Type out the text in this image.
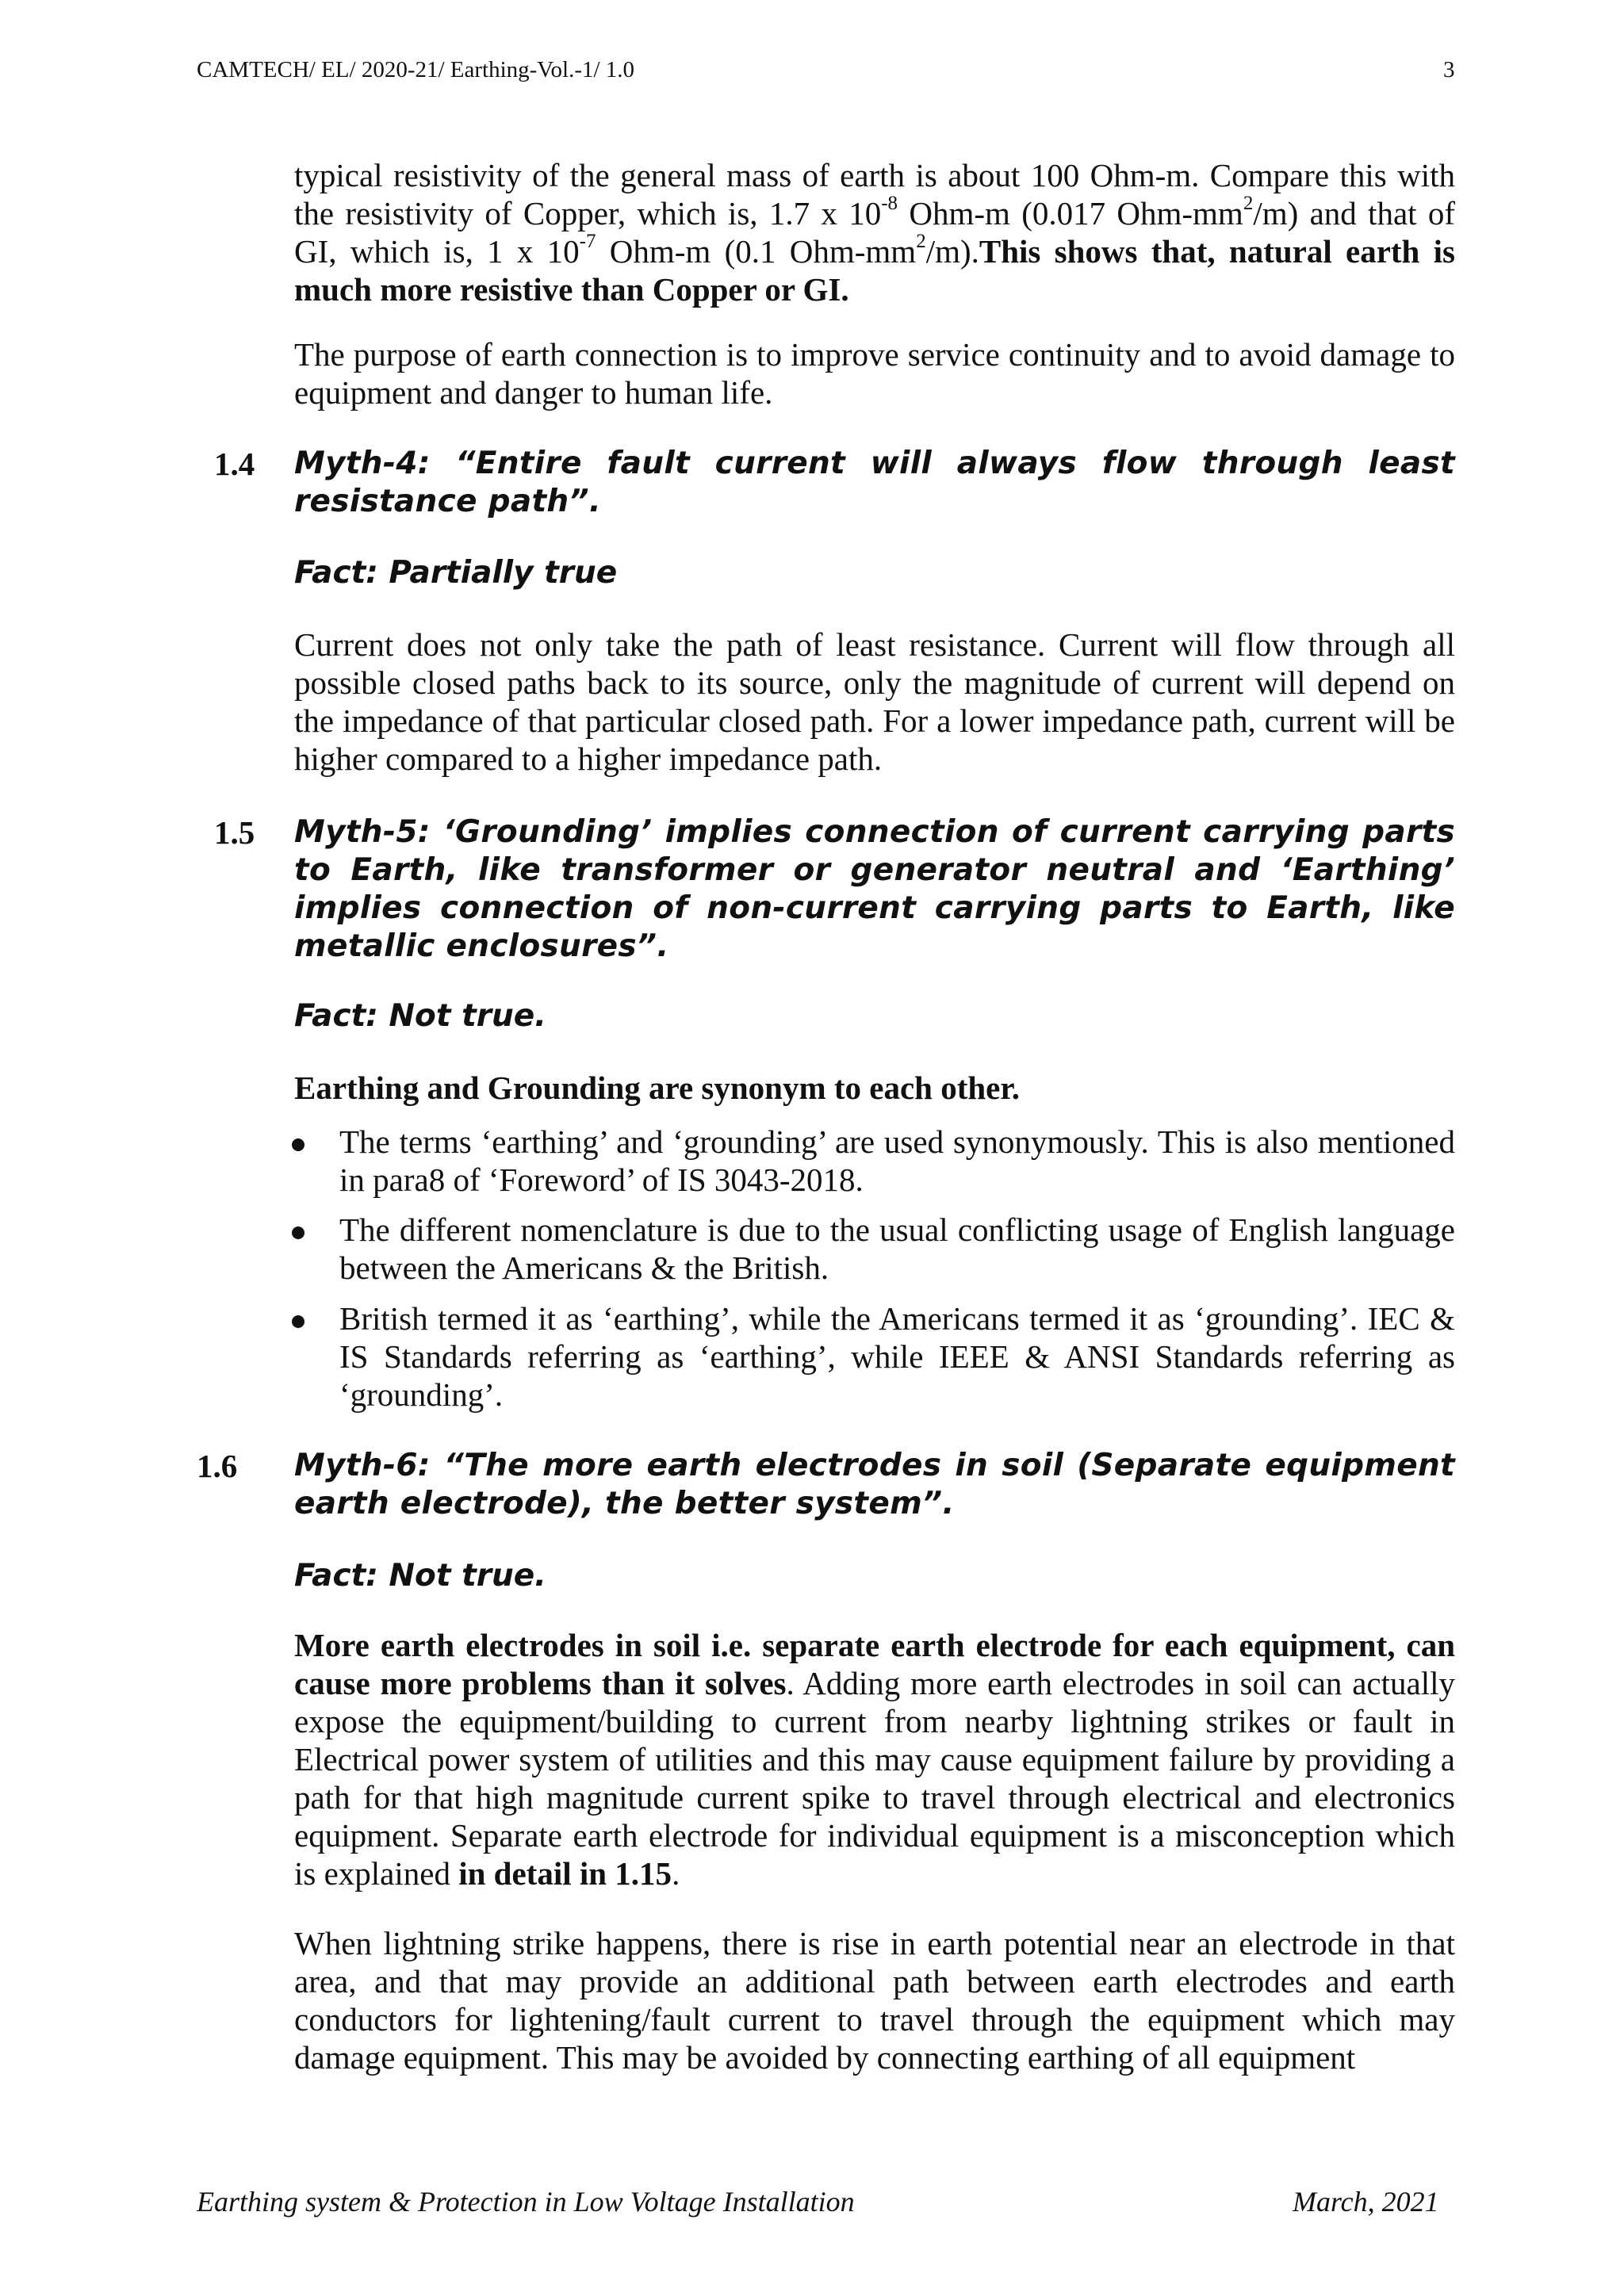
CAMTECH/ EL/ 2020-21/ Earthing-Vol.-1/ 1.0	3
typical resistivity of the general mass of earth is about 100 Ohm-m. Compare this with the resistivity of Copper, which is, 1.7 x $10^{-8}$ Ohm-m (0.017 Ohm-$mm^2/m$) and that of GI, which is, 1 x $10^{-7}$ Ohm-m (0.1 Ohm-$mm^2/m).This$ shows that, natural earth is much more resistive than Copper or GI.
The purpose of earth connection is to improve service continuity and to avoid damage to equipment and danger to human life.
1.4 Myth-4: “Entire fault current will always flow through least resistance path”.
Fact: Partially true
Current does not only take the path of least resistance. Current will flow through all possible closed paths back to its source, only the magnitude of current will depend on the impedance of that particular closed path. For a lower impedance path, current will be higher compared to a higher impedance path.
1.5 Myth-5: ‘Grounding’ implies connection of current carrying parts to Earth, like transformer or generator neutral and ‘Earthing’ implies connection of non-current carrying parts to Earth, like metallic enclosures”.
Fact: Not true.
Earthing and Grounding are synonym to each other.
The terms ‘earthing’ and ‘grounding’ are used synonymously. This is also mentioned in para8 of ‘Foreword’ of IS 3043-2018.
The different nomenclature is due to the usual conflicting usage of English language between the Americans & the British.
British termed it as ‘earthing’, while the Americans termed it as ‘grounding’. IEC & IS Standards referring as ‘earthing’, while IEEE & ANSI Standards referring as ‘grounding’.
1.6 Myth-6: “The more earth electrodes in soil (Separate equipment earth electrode), the better system”.
Fact: Not true.
More earth electrodes in soil i.e. separate earth electrode for each equipment, can cause more problems than it solves. Adding more earth electrodes in soil can actually expose the equipment/building to current from nearby lightning strikes or fault in Electrical power system of utilities and this may cause equipment failure by providing a path for that high magnitude current spike to travel through electrical and electronics equipment. Separate earth electrode for individual equipment is a misconception which is explained in detail in 1.15.
When lightning strike happens, there is rise in earth potential near an electrode in that area, and that may provide an additional path between earth electrodes and earth conductors for lightening/fault current to travel through the equipment which may damage equipment. This may be avoided by connecting earthing of all equipment
Earthing system & Protection in Low Voltage Installation	March, 2021
